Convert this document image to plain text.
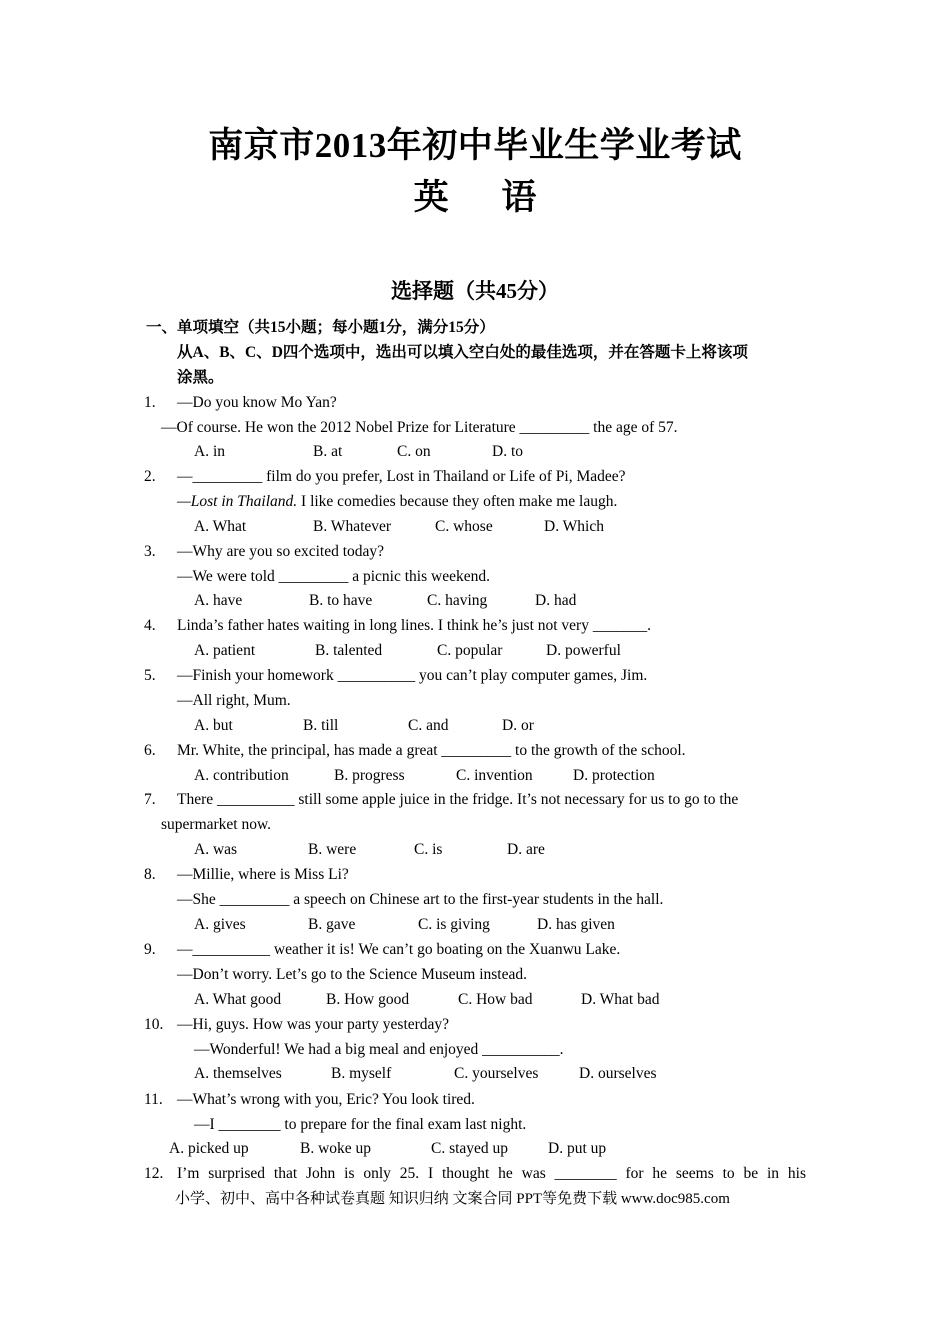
南京市2013年初中毕业生学业考试
英 语
选择题（共45分）
一、单项填空（共15小题；每小题1分，满分15分）
从A、B、C、D四个选项中，选出可以填入空白处的最佳选项，并在答题卡上将该项
涂黑。
1. —Do you know Mo Yan?
—Of course. He won the 2012 Nobel Prize for Literature _________ the age of 57.
A. in	B. at	C. on	D. to
2. —_________ film do you prefer, Lost in Thailand or Life of Pi, Madee?
—Lost in Thailand. I like comedies because they often make me laugh.
A. What	B. Whatever	C. whose	D. Which
3. —Why are you so excited today?
—We were told _________ a picnic this weekend.
A. have	B. to have	C. having	D. had
4. Linda’s father hates waiting in long lines. I think he’s just not very _______.
A. patient	B. talented	C. popular	D. powerful
5. —Finish your homework __________ you can’t play computer games, Jim.
—All right, Mum.
A. but	B. till	C. and	D. or
6. Mr. White, the principal, has made a great _________ to the growth of the school.
A. contribution	B. progress	C. invention	D. protection
7. There __________ still some apple juice in the fridge. It’s not necessary for us to go to the
supermarket now.
A. was	B. were	C. is	D. are
8. —Millie, where is Miss Li?
—She _________ a speech on Chinese art to the first-year students in the hall.
A. gives	B. gave	C. is giving	D. has given
9. —__________ weather it is! We can’t go boating on the Xuanwu Lake.
—Don’t worry. Let’s go to the Science Museum instead.
A. What good	B. How good	C. How bad	D. What bad
10. —Hi, guys. How was your party yesterday?
—Wonderful! We had a big meal and enjoyed __________.
A. themselves	B. myself	C. yourselves	D. ourselves
11. —What’s wrong with you, Eric? You look tired.
—I ________ to prepare for the final exam last night.
A. picked up	B. woke up	C. stayed up	D. put up
12. I’m surprised that John is only 25. I thought he was ________ for he seems to be in his
小学、初中、高中各种试卷真题 知识归纳 文案合同 PPT等免费下载 www.doc985.com
